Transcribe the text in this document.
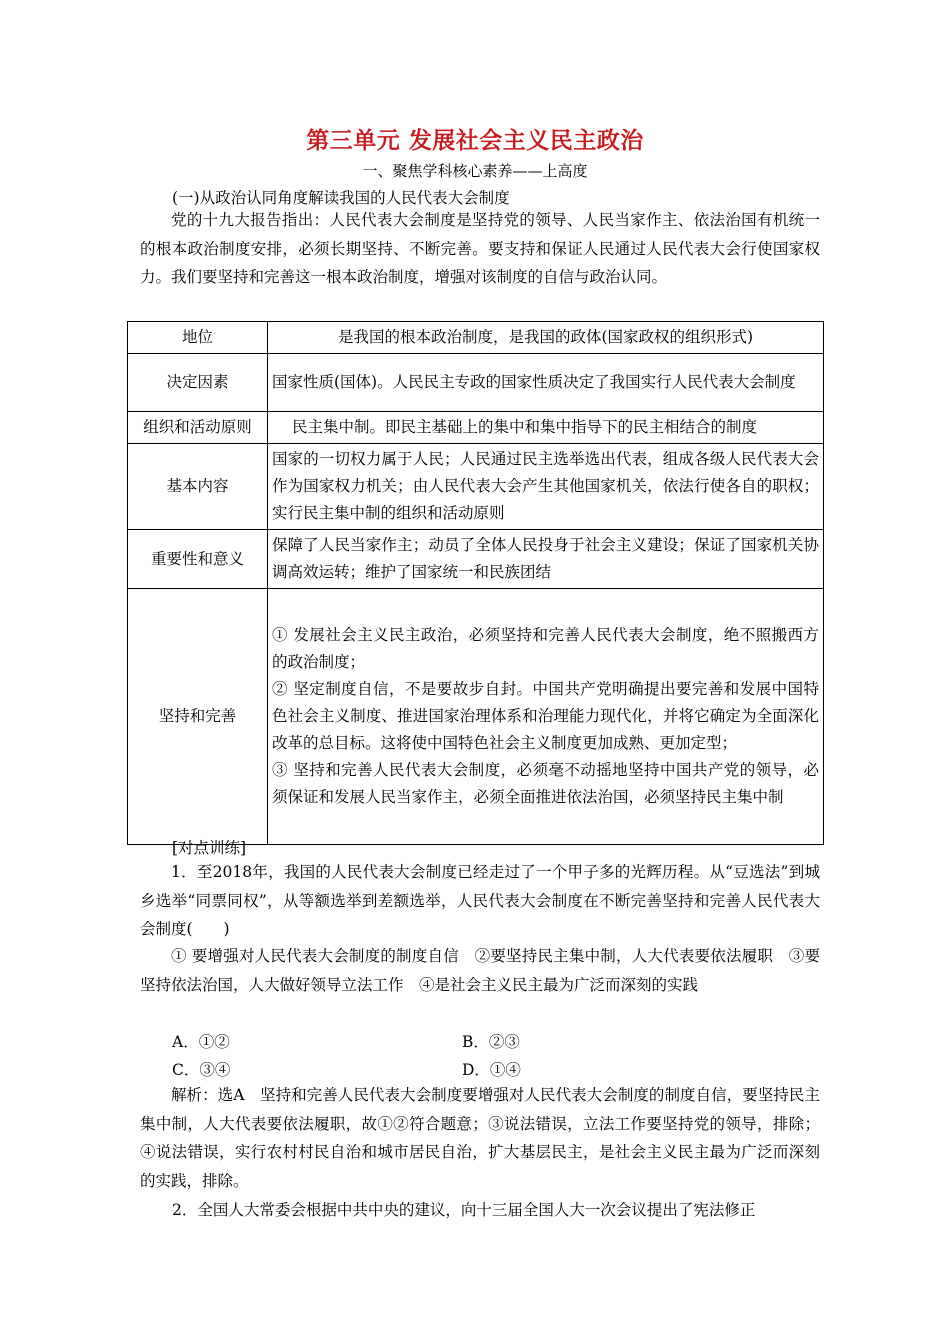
第三单元 发展社会主义民主政治
一、聚焦学科核心素养——上高度
(一)从政治认同角度解读我国的人民代表大会制度
党的十九大报告指出：人民代表大会制度是坚持党的领导、人民当家作主、依法治国有机统一的根本政治制度安排，必须长期坚持、不断完善。要支持和保证人民通过人民代表大会行使国家权力。我们要坚持和完善这一根本政治制度，增强对该制度的自信与政治认同。
地位	是我国的根本政治制度，是我国的政体(国家政权的组织形式)
决定因素	国家性质(国体)。人民民主专政的国家性质决定了我国实行人民代表大会制度
组织和活动原则	民主集中制。即民主基础上的集中和集中指导下的民主相结合的制度
基本内容	国家的一切权力属于人民；人民通过民主选举选出代表，组成各级人民代表大会作为国家权力机关；由人民代表大会产生其他国家机关，依法行使各自的职权；实行民主集中制的组织和活动原则
重要性和意义	保障了人民当家作主；动员了全体人民投身于社会主义建设；保证了国家机关协调高效运转；维护了国家统一和民族团结
坚持和完善	① 发展社会主义民主政治，必须坚持和完善人民代表大会制度，绝不照搬西方的政治制度；
② 坚定制度自信，不是要故步自封。中国共产党明确提出要完善和发展中国特色社会主义制度、推进国家治理体系和治理能力现代化，并将它确定为全面深化改革的总目标。这将使中国特色社会主义制度更加成熟、更加定型；
③ 坚持和完善人民代表大会制度，必须毫不动摇地坚持中国共产党的领导，必须保证和发展人民当家作主，必须全面推进依法治国，必须坚持民主集中制
[对点训练]
1．至2018年，我国的人民代表大会制度已经走过了一个甲子多的光辉历程。从“豆选法”到城乡选举“同票同权”，从等额选举到差额选举，人民代表大会制度在不断完善坚持和完善人民代表大会制度(　　)
① 要增强对人民代表大会制度的制度自信　②要坚持民主集中制，人大代表要依法履职　③要坚持依法治国，人大做好领导立法工作　④是社会主义民主最为广泛而深刻的实践
A．①②	B．②③
C．③④	D．①④
解析：选A　坚持和完善人民代表大会制度要增强对人民代表大会制度的制度自信，要坚持民主集中制，人大代表要依法履职，故①②符合题意；③说法错误，立法工作要坚持党的领导，排除；④说法错误，实行农村村民自治和城市居民自治，扩大基层民主，是社会主义民主最为广泛而深刻的实践，排除。
2．全国人大常委会根据中共中央的建议，向十三届全国人大一次会议提出了宪法修正
